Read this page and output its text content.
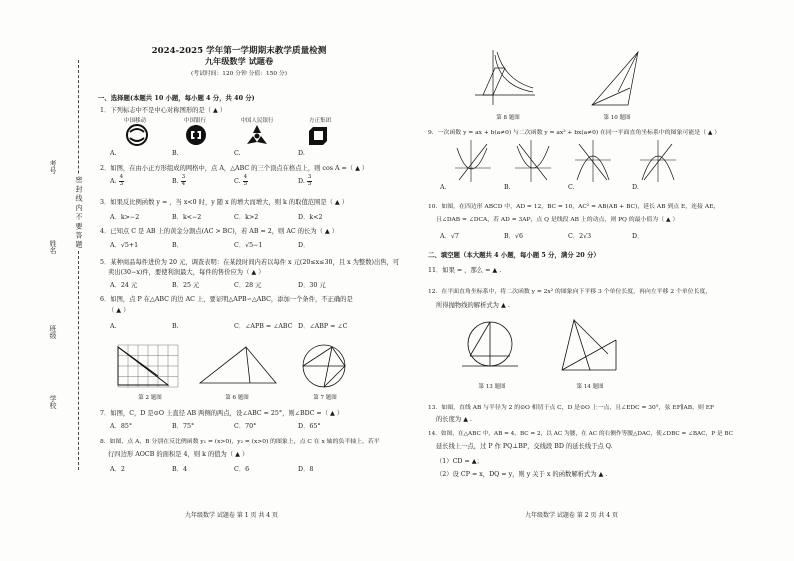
学校
班级
姓名
考号
密 封 线 内 不 要 答 题
2024-2025 学年第一学期期末教学质量检测
九年级数学 试题卷
(考试时间：120 分钟 分值：150 分)
一、选择题(本题共 10 小题，每小题 4 分，共 40 分)
1．下列标志中不是中心对称图形的是（ ▲ ）
中国移动	中国银行	中国人民银行	方正集团
A.	B.	C.	D.
2．如图，在由小正方形组成的网格中，点 A，△ABC 的三个顶点在格点上，则 cos A =（ ▲ ）
A. $\frac{4}{3}$	B. $\frac{3}{4}$	C. $\frac{4}{5}$	D. $\frac{3}{5}$
3．如果反比例函数 y = ，当 x<0 时，y 随 x 的增大而增大，则 k 的取值范围是（ ▲ ）
A．k>−2	B．k<−2	C．k>2	D．k<2
4．已知点 C 是 AB 上的黄金分割点(AC > BC)，若 AB = 2，则 AC 的长为（ ▲ ）
A．√5+1	B．	C．√5−1	D．
5．某种商品每件进价为 20 元，调查表明：在某段时间内若以每件 x 元(20≤x≤30，且 x 为整数)出售，可
卖出(30−x)件，要使利润最大，每件的售价应为（ ▲ ）
A．24 元	B．25 元	C．28 元	D．30 元
6．如图，点 P 在△ABC 的边 AC 上，要证明△APB∽△ABC，添加一个条件，不正确的是
（ ▲ ）
A.	B.	C．∠APB = ∠ABC D．∠ABP = ∠C
第 2 题图	第 6 题图	第 7 题图
7．如图，C，D 是⊙O 上直径 AB 两侧的两点，设∠ABC = 25°，则∠BDC =（ ▲ ）
A．85°	B．75°	C．70°	D．65°
8．如图，点 A，B 分别在反比例函数 y₁ = (x>0)，y₂ = (x>0) 的图象上，点 C 在 x 轴的负半轴上，若平
行四边形 AOCB 的面积是 4，则 k 的值为（ ▲ ）
A．2	B．4	C．6	D．8
九年级数学 试题卷 第 1 页 共 4 页
第 8 题图	第 10 题图
9．一次函数 y = ax + b(a≠0) 与二次函数 y = ax² + bx(a≠0) 在同一平面直角坐标系中的图象可能是（ ▲ ）
A.	B.	C.	D.
10．如图，在四边形 ABCD 中，AD = 12，BC = 10，AC² = AB(AB + BC)，延长 AB 到点 E，连接 AE，
且∠DAB = ∠DCA，若 AD = 3AP，点 Q 是线段 AB 上的动点，则 PQ 的最小值为（ ▲ ）
A．√7	B．√6	C．2√3	D．
二、填空题（本大题共 4 小题，每小题 5 分，满分 20 分）
11．如果 = ，那么 = ▲ .
12．在平面直角坐标系中，将二次函数 y = 2x² 的图象向下平移 3 个单位长度，再向左平移 2 个单位长度，
所得抛物线的解析式为 ▲ .
第 13 题图	第 14 题图
13．如图，直线 AB 与半径为 2 的⊙O 相切于点 C，D 是⊙O 上一点，且∠EDC = 30°，弦 EF∥AB，则 EF
的长度为 ▲ .
14．如图，在△ABC 中，AB = 4，BC = 2，以 AC 为腰，在 AC 的右侧作等腰△DAC，使∠DBC = ∠BAC，P 是 BC
延长线上一点，过 P 作 PQ⊥BP，交线段 BD 的延长线于点 Q.
（1）CD = ▲；
（2）设 CP = x，DQ = y，则 y 关于 x 的函数解析式为 ▲ .
九年级数学 试题卷 第 2 页 共 4 页
